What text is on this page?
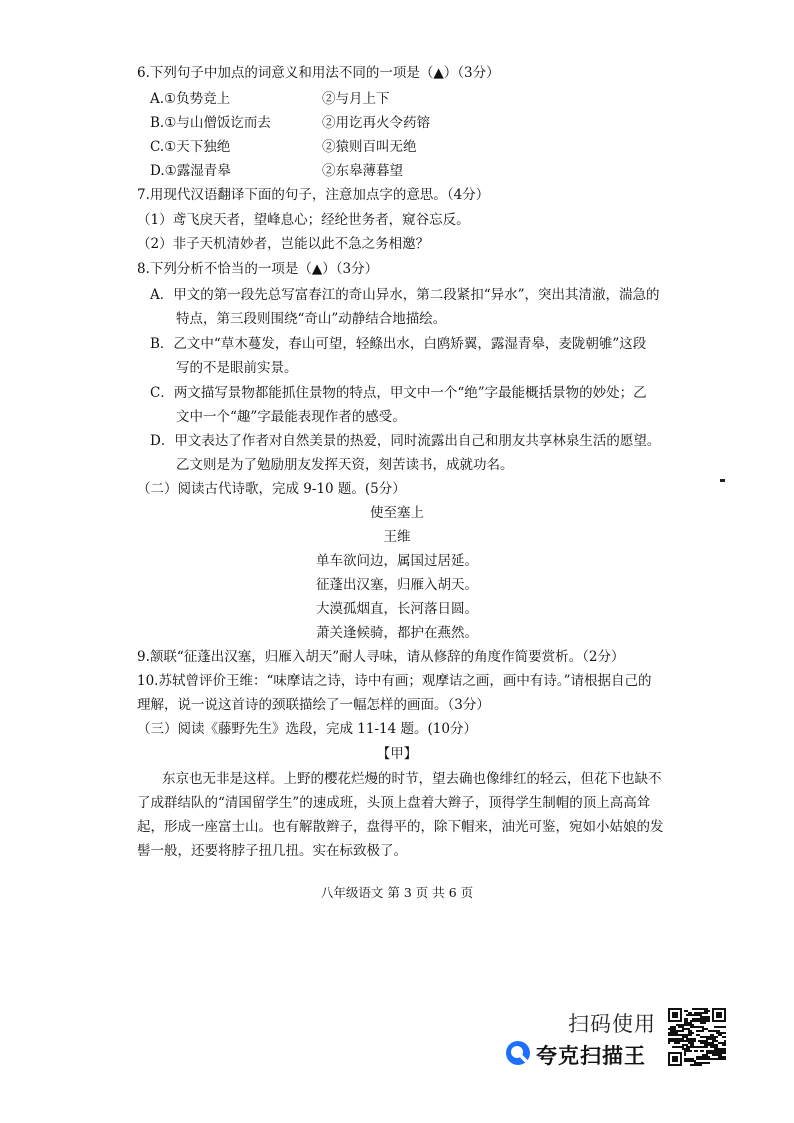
6.下列句子中加点的词意义和用法不同的一项是（▲）（3分）
A.①负势竞上	②与月上下
B.①与山僧饭讫而去	②用讫再火令药镕
C.①天下独绝	②猿则百叫无绝
D.①露湿青皋	②东皋薄暮望
7.用现代汉语翻译下面的句子，注意加点字的意思。（4分）
（1）鸢飞戾天者，望峰息心；经纶世务者，窥谷忘反。
（2）非子天机清妙者，岂能以此不急之务相邀？
8.下列分析不恰当的一项是（▲）（3分）
A．甲文的第一段先总写富春江的奇山异水，第二段紧扣“异水”，突出其清澈，湍急的
特点，第三段则围绕“奇山”动静结合地描绘。
B．乙文中“草木蔓发，春山可望，轻鲦出水，白鸥矫翼，露湿青皋，麦陇朝雊”这段
写的不是眼前实景。
C．两文描写景物都能抓住景物的特点，甲文中一个“绝”字最能概括景物的妙处；乙
文中一个“趣”字最能表现作者的感受。
D．甲文表达了作者对自然美景的热爱，同时流露出自己和朋友共享林泉生活的愿望。
乙文则是为了勉励朋友发挥天资，刻苦读书，成就功名。
（二）阅读古代诗歌，完成 9-10 题。(5分）
使至塞上
王维
单车欲问边，属国过居延。
征蓬出汉塞，归雁入胡天。
大漠孤烟直，长河落日圆。
萧关逢候骑，都护在燕然。
9.颔联“征蓬出汉塞，归雁入胡天”耐人寻味，请从修辞的角度作简要赏析。（2分）
10.苏轼曾评价王维：“味摩诘之诗，诗中有画；观摩诘之画，画中有诗。”请根据自己的
理解，说一说这首诗的颈联描绘了一幅怎样的画面。（3分）
（三）阅读《藤野先生》选段，完成 11-14 题。(10分）
【甲】
东京也无非是这样。上野的樱花烂熳的时节，望去确也像绯红的轻云，但花下也缺不
了成群结队的“清国留学生”的速成班，头顶上盘着大辫子，顶得学生制帽的顶上高高耸
起，形成一座富士山。也有解散辫子，盘得平的，除下帽来，油光可鉴，宛如小姑娘的发
髻一般，还要将脖子扭几扭。实在标致极了。
八年级语文 第 3 页 共 6 页
扫码使用
夸克扫描王
